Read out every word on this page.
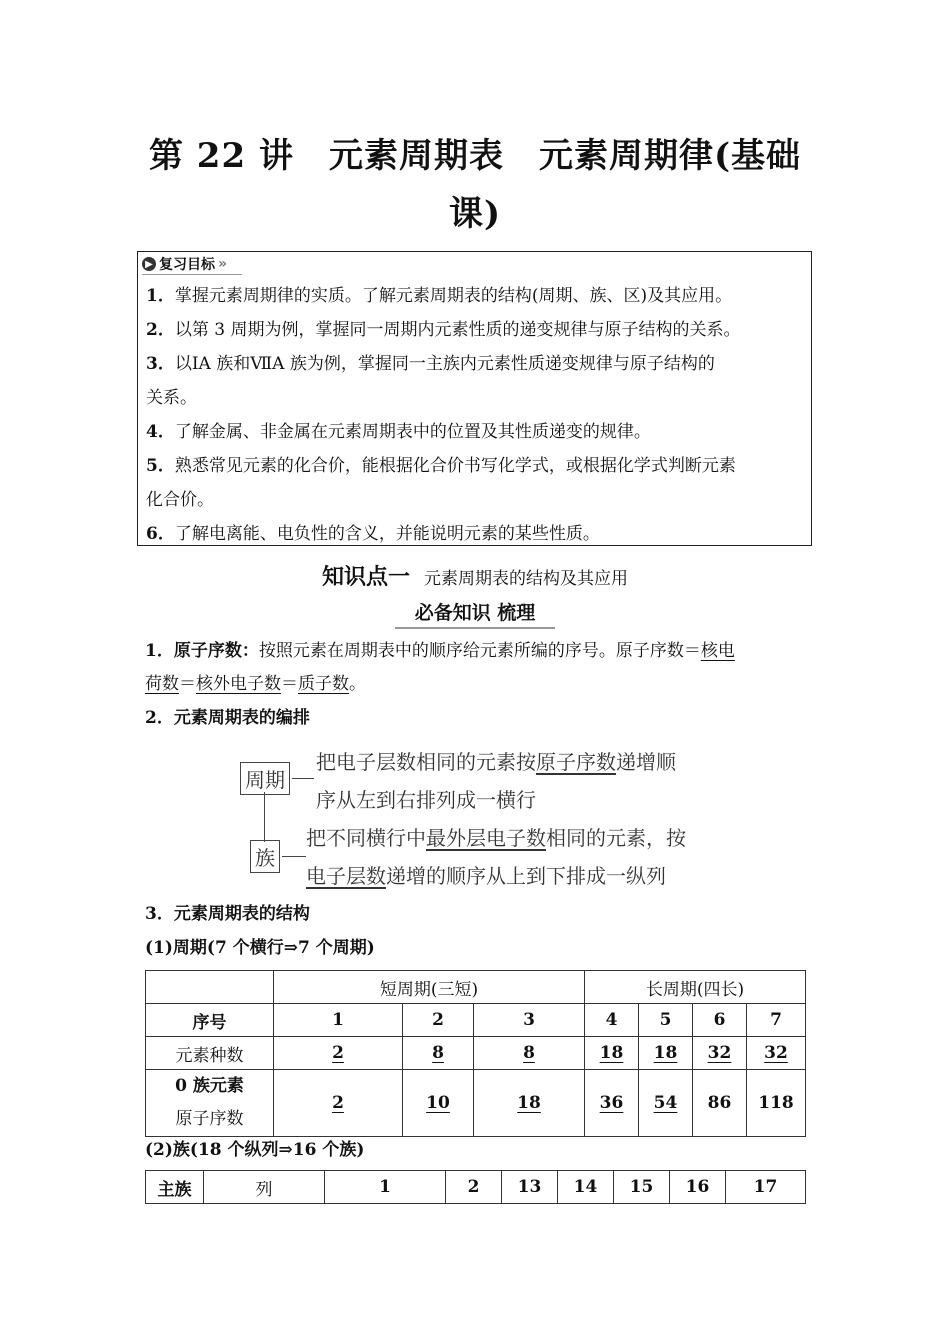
第 22 讲　元素周期表　元素周期律(基础
课)
▶ 复习目标 »
1．掌握元素周期律的实质。了解元素周期表的结构(周期、族、区)及其应用。
2．以第 3 周期为例，掌握同一周期内元素性质的递变规律与原子结构的关系。
3．以ⅠA 族和ⅦA 族为例，掌握同一主族内元素性质递变规律与原子结构的
关系。
4．了解金属、非金属在元素周期表中的位置及其性质递变的规律。
5．熟悉常见元素的化合价，能根据化合价书写化学式，或根据化学式判断元素
化合价。
6．了解电离能、电负性的含义，并能说明元素的某些性质。
知识点一 元素周期表的结构及其应用
必备知识 梳理
1．原子序数：按照元素在周期表中的顺序给元素所编的序号。原子序数＝核电
荷数＝核外电子数＝质子数。
2．元素周期表的编排
周期
把电子层数相同的元素按原子序数递增顺
序从左到右排列成一横行
族
把不同横行中最外层电子数相同的元素，按
电子层数递增的顺序从上到下排成一纵列
3．元素周期表的结构
(1)周期(7 个横行⇒7 个周期)
	短周期(三短)			长周期(四长)			
序号	1	2	3	4	5	6	7
元素种数	2	8	8	18	18	32	32
0 族元素
原子序数	2	10	18	36	54	86	118
(2)族(18 个纵列⇒16 个族)
主族	列	1	2	13	14	15	16	17
